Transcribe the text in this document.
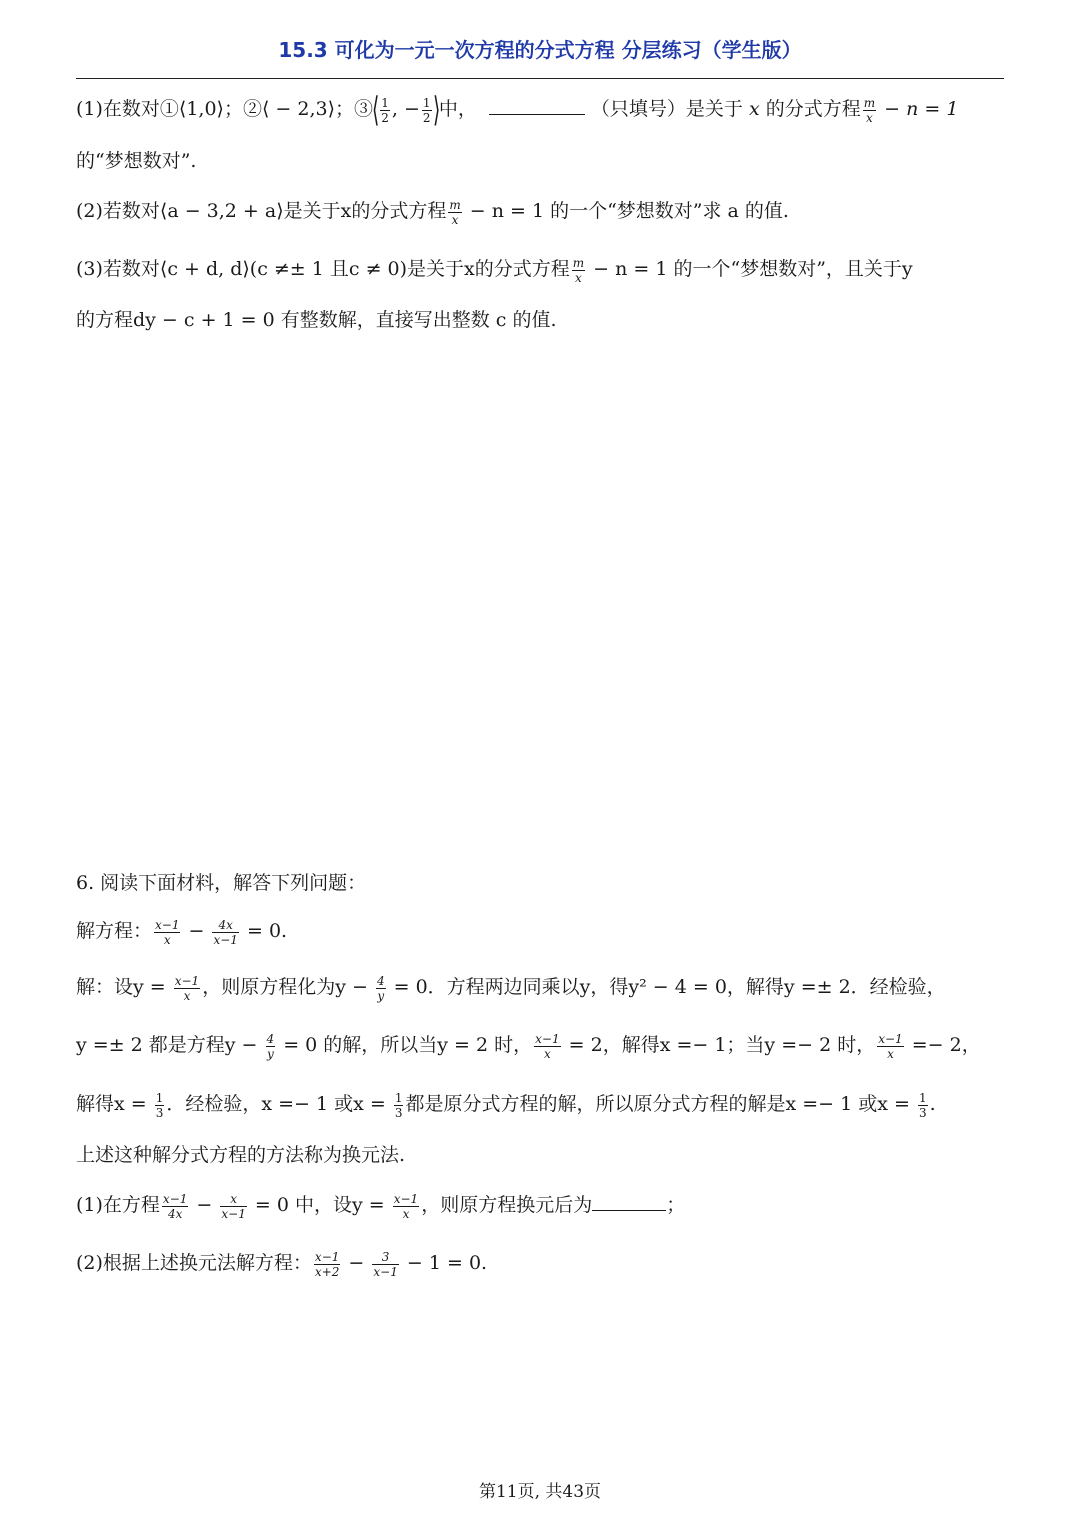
15.3 可化为一元一次方程的分式方程 分层练习（学生版）
(1)在数对①⟨1,0⟩；②⟨ − 2,3⟩；③⟨ $\frac{1}{2}$ , − $\frac{1}{2}$ ⟩中，	（只填号）是关于 x 的分式方程 $\frac{m}{x} - n = 1$
的“梦想数对”.
(2)若数对⟨a − 3,2 + a⟩是关于x的分式方程 $\frac{m}{x} - n = 1$ 的一个“梦想数对”求 a 的值.
(3)若数对⟨c + d, d⟩(c ≠± 1 且c ≠ 0)是关于x的分式方程 $\frac{m}{x} - n = 1$ 的一个“梦想数对”，且关于y
的方程dy − c + 1 = 0 有整数解，直接写出整数 c 的值.
6. 阅读下面材料，解答下列问题：
解方程： $\frac{x-1}{x} - \frac{4x}{x-1} = 0$.
解：设$y = \frac{x-1}{x}$ ，则原方程化为$y - \frac{4}{y} = 0$．方程两边同乘以y，得y² − 4 = 0，解得y =± 2．经检验，
y =± 2 都是方程$y - \frac{4}{y} = 0$ 的解，所以当y = 2 时， $\frac{x-1}{x} = 2$，解得x =− 1；当y =− 2 时， $\frac{x-1}{x} =- 2$，
解得$x = \frac{1}{3}$ ．经检验，x =− 1 或$x = \frac{1}{3}$ 都是原分式方程的解，所以原分式方程的解是x =− 1 或$x = \frac{1}{3}$ .
上述这种解分式方程的方法称为换元法.
(1)在方程 $\frac{x-1}{4x} - \frac{x}{x-1} = 0$ 中，设$y = \frac{x-1}{x}$ ，则原方程换元后为	；
(2)根据上述换元法解方程： $\frac{x-1}{x+2} - \frac{3}{x-1} - 1 = 0$.
第11页, 共43页
